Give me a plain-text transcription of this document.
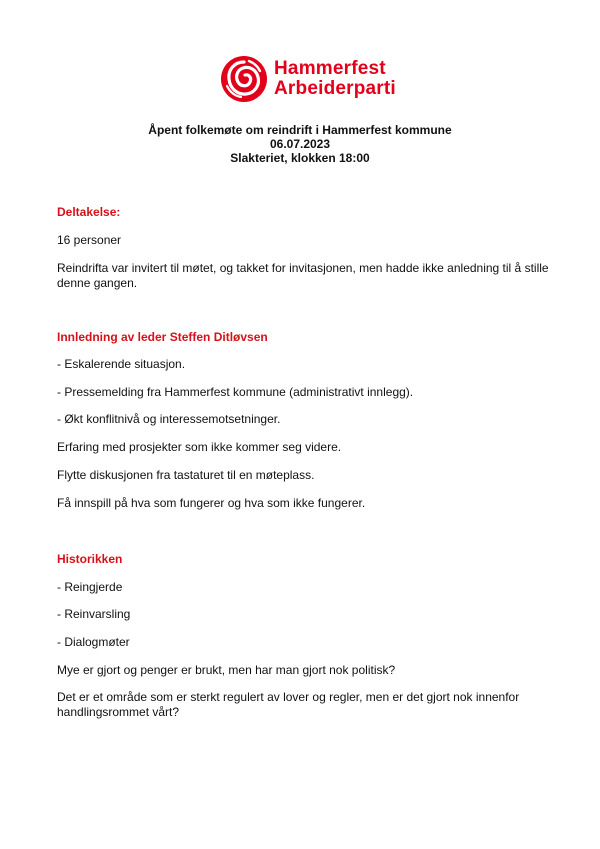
Hammerfest
Arbeiderparti
Åpent folkemøte om reindrift i Hammerfest kommune
06.07.2023
Slakteriet, klokken 18:00
Deltakelse:
16 personer
Reindrifta var invitert til møtet, og takket for invitasjonen, men hadde ikke anledning til å stille denne gangen.
Innledning av leder Steffen Ditløvsen
- Eskalerende situasjon.
- Pressemelding fra Hammerfest kommune (administrativt innlegg).
- Økt konflitnivå og interessemotsetninger.
Erfaring med prosjekter som ikke kommer seg videre.
Flytte diskusjonen fra tastaturet til en møteplass.
Få innspill på hva som fungerer og hva som ikke fungerer.
Historikken
- Reingjerde
- Reinvarsling
- Dialogmøter
Mye er gjort og penger er brukt, men har man gjort nok politisk?
Det er et område som er sterkt regulert av lover og regler, men er det gjort nok innenfor handlingsrommet vårt?
